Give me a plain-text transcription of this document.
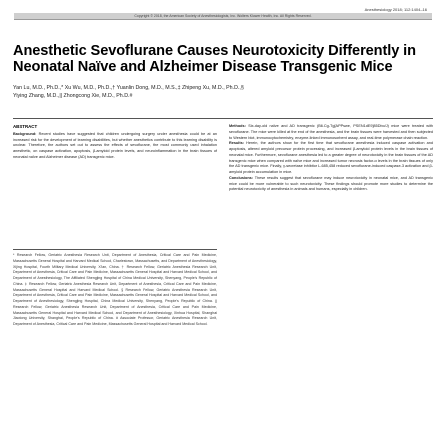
Anesthesiology 2018; 112:1404–16
Copyright © 2018, the American Society of Anesthesiologists, Inc. Wolters Kluwer Health, Inc. All Rights Reserved.
Anesthetic Sevoflurane Causes Neurotoxicity Differently in Neonatal Naïve and Alzheimer Disease Transgenic Mice
Yan Lu, M.D., Ph.D.,* Xu Wu, M.D., Ph.D.,† Yuanlin Dong, M.D., M.S.,‡ Zhipeng Xu, M.D., Ph.D.,§
Yiying Zhang, M.D.,|| Zhongcong Xie, M.D., Ph.D.#

ABSTRACT

Background: Recent studies have suggested that children undergoing surgery under anesthesia could be at an increased risk for the development of learning disabilities, but whether anesthetics contribute to this learning disability is unclear. Therefore, the authors set out to assess the effects of sevoflurane, the most commonly used inhalation anesthetic, on caspase activation, apoptosis, β-amyloid protein levels, and neuroinflammation in the brain tissues of neonatal naïve and Alzheimer disease (AD) transgenic mice.

* Research Fellow, Geriatric Anesthesia Research Unit, Department of Anesthesia, Critical Care and Pain Medicine, Massachusetts General Hospital and Harvard Medical School, Charlestown, Massachusetts, and Department of Anesthesiology, Xijing Hospital, Fourth Military Medical University, Xi'an, China. † Research Fellow, Geriatric Anesthesia Research Unit, Department of Anesthesia, Critical Care and Pain Medicine, Massachusetts General Hospital and Harvard Medical School, and Department of Anesthesiology, The Affiliated Shengjing Hospital of China Medical University, Shenyang, People's Republic of China. ‡ Research Fellow, Geriatric Anesthesia Research Unit, Department of Anesthesia, Critical Care and Pain Medicine, Massachusetts General Hospital and Harvard Medical School. § Research Fellow, Geriatric Anesthesia Research Unit, Department of Anesthesia, Critical Care and Pain Medicine, Massachusetts General Hospital and Harvard Medical School, and Department of Anesthesiology, Shengjing Hospital, China Medical University, Shenyang, People's Republic of China. || Research Fellow, Geriatric Anesthesia Research Unit, Department of Anesthesia, Critical Care and Pain Medicine, Massachusetts General Hospital and Harvard Medical School, and Department of Anesthesiology, Xinhua Hospital, Shanghai Jiaotong University, Shanghai, People's Republic of China. # Associate Professor, Geriatric Anesthesia Research Unit, Department of Anesthesia, Critical Care and Pain Medicine, Massachusetts General Hospital and Harvard Medical School.

Methods: Six-day-old naïve and AD transgenic (B6.Cg-Tg[APPswe, PSEN1dE9]85Dbo/J) mice were treated with sevoflurane. The mice were killed at the end of the anesthesia, and the brain tissues were harvested and then subjected to Western blot, immunocytochemistry, enzyme-linked immunosorbent assay, and real-time polymerase chain reaction.

Results: Herein, the authors show for the first time that sevoflurane anesthesia induced caspase activation and apoptosis, altered amyloid precursor protein processing, and increased β-amyloid protein levels in the brain tissues of neonatal mice. Furthermore, sevoflurane anesthesia led to a greater degree of neurotoxicity in the brain tissues of the AD transgenic mice when compared with naïve mice and increased tumor necrosis factor-α levels in the brain tissues of only the AD transgenic mice. Finally, γ-secretase inhibitor L-685,458 reduced sevoflurane-induced caspase-3 activation and β-amyloid protein accumulation in mice.

Conclusions: These results suggest that sevoflurane may induce neurotoxicity in neonatal mice, and AD transgenic mice could be more vulnerable to such neurotoxicity. These findings should promote more studies to determine the potential neurotoxicity of anesthesia in animals and humans, especially in children.
